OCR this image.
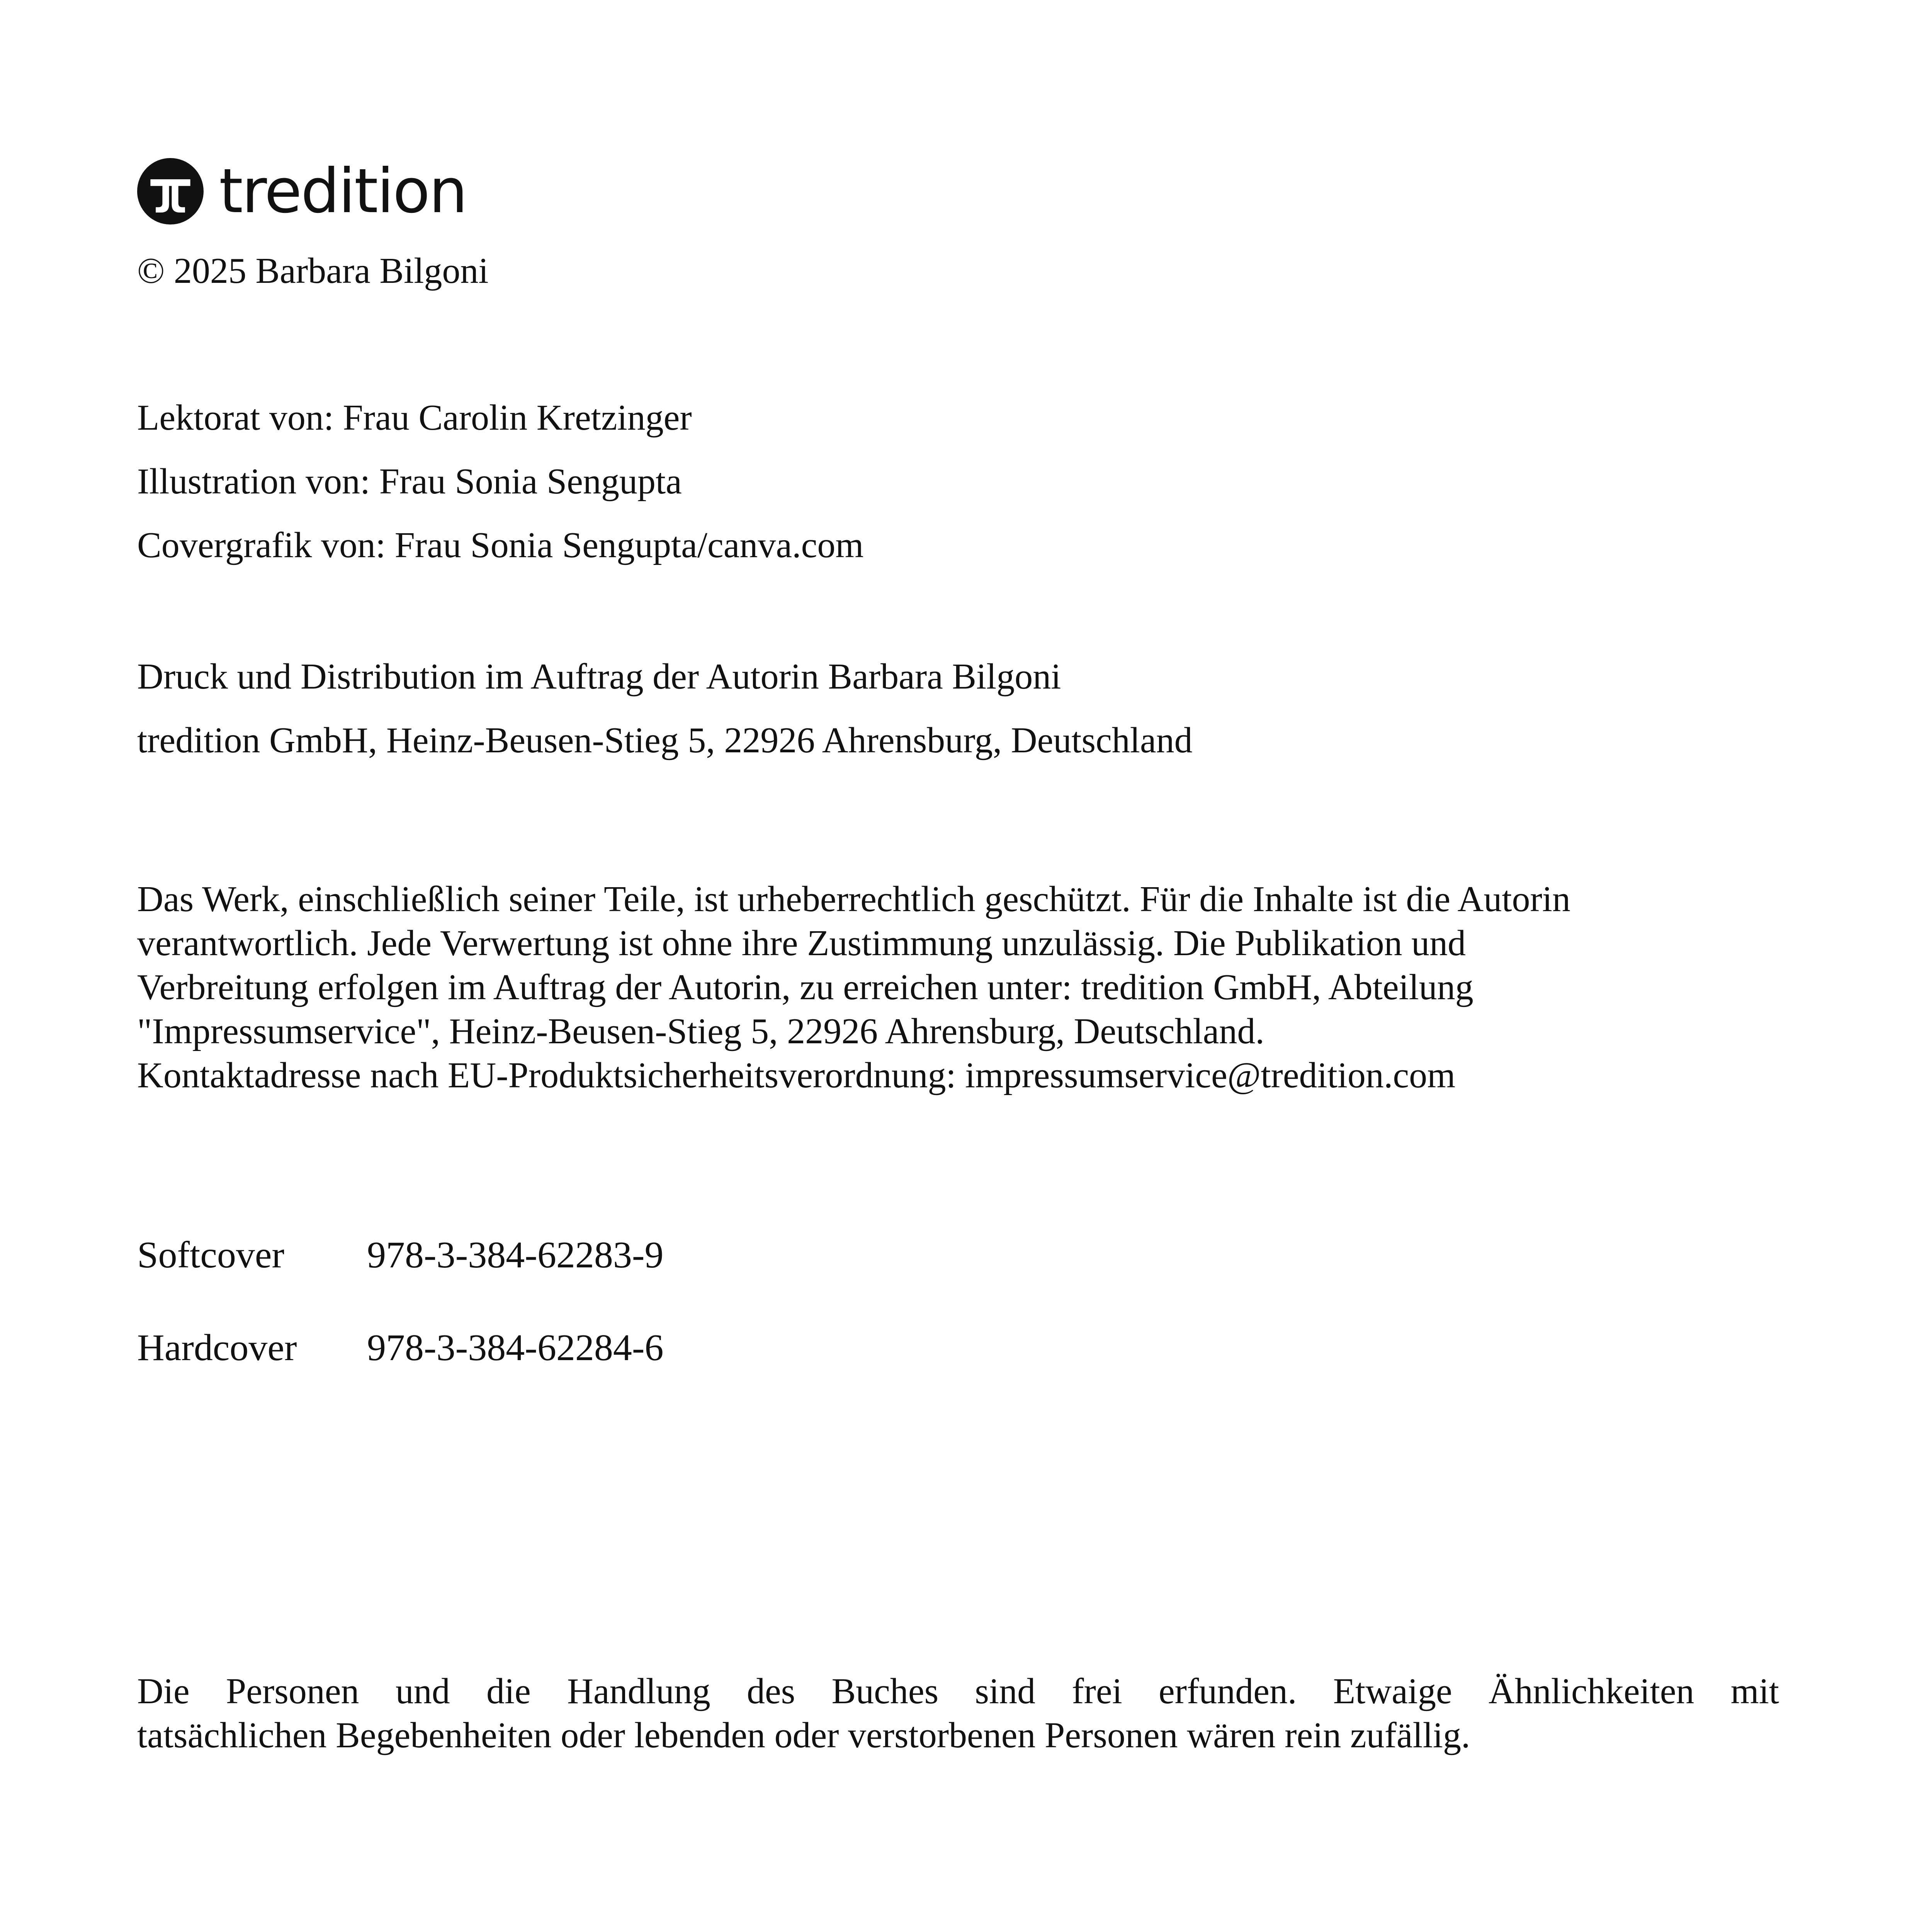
tredition

© 2025 Barbara Bilgoni

Lektorat von: Frau Carolin Kretzinger

Illustration von: Frau Sonia Sengupta

Covergrafik von: Frau Sonia Sengupta/canva.com

Druck und Distribution im Auftrag der Autorin Barbara Bilgoni

tredition GmbH, Heinz-Beusen-Stieg 5, 22926 Ahrensburg, Deutschland

Das Werk, einschließlich seiner Teile, ist urheberrechtlich geschützt. Für die Inhalte ist die Autorin
verantwortlich. Jede Verwertung ist ohne ihre Zustimmung unzulässig. Die Publikation und
Verbreitung erfolgen im Auftrag der Autorin, zu erreichen unter: tredition GmbH, Abteilung
"Impressumservice", Heinz-Beusen-Stieg 5, 22926 Ahrensburg, Deutschland.
Kontaktadresse nach EU-Produktsicherheitsverordnung: impressumservice@tredition.com
Softcover	978-3-384-62283-9
Hardcover	978-3-384-62284-6
Die Personen und die Handlung des Buches sind frei erfunden. Etwaige Ähnlichkeiten mit
tatsächlichen Begebenheiten oder lebenden oder verstorbenen Personen wären rein zufällig.
